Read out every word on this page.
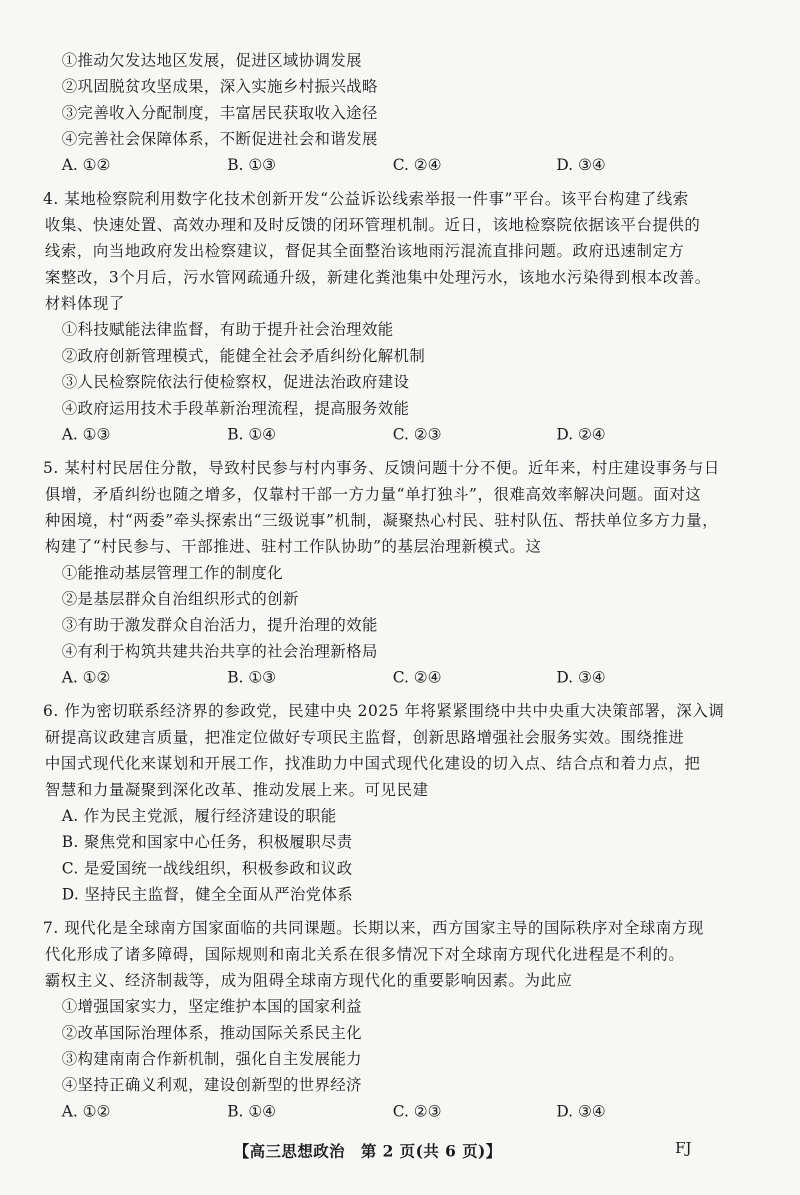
①推动欠发达地区发展，促进区域协调发展
②巩固脱贫攻坚成果，深入实施乡村振兴战略
③完善收入分配制度，丰富居民获取收入途径
④完善社会保障体系，不断促进社会和谐发展
A. ①②	B. ①③	C. ②④	D. ③④
4. 某地检察院利用数字化技术创新开发“公益诉讼线索举报一件事”平台。该平台构建了线索
收集、快速处置、高效办理和及时反馈的闭环管理机制。近日，该地检察院依据该平台提供的
线索，向当地政府发出检察建议，督促其全面整治该地雨污混流直排问题。政府迅速制定方
案整改，3个月后，污水管网疏通升级，新建化粪池集中处理污水，该地水污染得到根本改善。
材料体现了
①科技赋能法律监督，有助于提升社会治理效能
②政府创新管理模式，能健全社会矛盾纠纷化解机制
③人民检察院依法行使检察权，促进法治政府建设
④政府运用技术手段革新治理流程，提高服务效能
A. ①③	B. ①④	C. ②③	D. ②④
5. 某村村民居住分散，导致村民参与村内事务、反馈问题十分不便。近年来，村庄建设事务与日
俱增，矛盾纠纷也随之增多，仅靠村干部一方力量“单打独斗”，很难高效率解决问题。面对这
种困境，村“两委”牵头探索出“三级说事”机制，凝聚热心村民、驻村队伍、帮扶单位多方力量，
构建了“村民参与、干部推进、驻村工作队协助”的基层治理新模式。这
①能推动基层管理工作的制度化
②是基层群众自治组织形式的创新
③有助于激发群众自治活力，提升治理的效能
④有利于构筑共建共治共享的社会治理新格局
A. ①②	B. ①③	C. ②④	D. ③④
6. 作为密切联系经济界的参政党，民建中央 2025 年将紧紧围绕中共中央重大决策部署，深入调
研提高议政建言质量，把准定位做好专项民主监督，创新思路增强社会服务实效。围绕推进
中国式现代化来谋划和开展工作，找准助力中国式现代化建设的切入点、结合点和着力点，把
智慧和力量凝聚到深化改革、推动发展上来。可见民建
A. 作为民主党派，履行经济建设的职能
B. 聚焦党和国家中心任务，积极履职尽责
C. 是爱国统一战线组织，积极参政和议政
D. 坚持民主监督，健全全面从严治党体系
7. 现代化是全球南方国家面临的共同课题。长期以来，西方国家主导的国际秩序对全球南方现
代化形成了诸多障碍，国际规则和南北关系在很多情况下对全球南方现代化进程是不利的。
霸权主义、经济制裁等，成为阻碍全球南方现代化的重要影响因素。为此应
①增强国家实力，坚定维护本国的国家利益
②改革国际治理体系，推动国际关系民主化
③构建南南合作新机制，强化自主发展能力
④坚持正确义利观，建设创新型的世界经济
A. ①②	B. ①④	C. ②③	D. ③④
【高三思想政治　第 2 页(共 6 页)】	FJ
